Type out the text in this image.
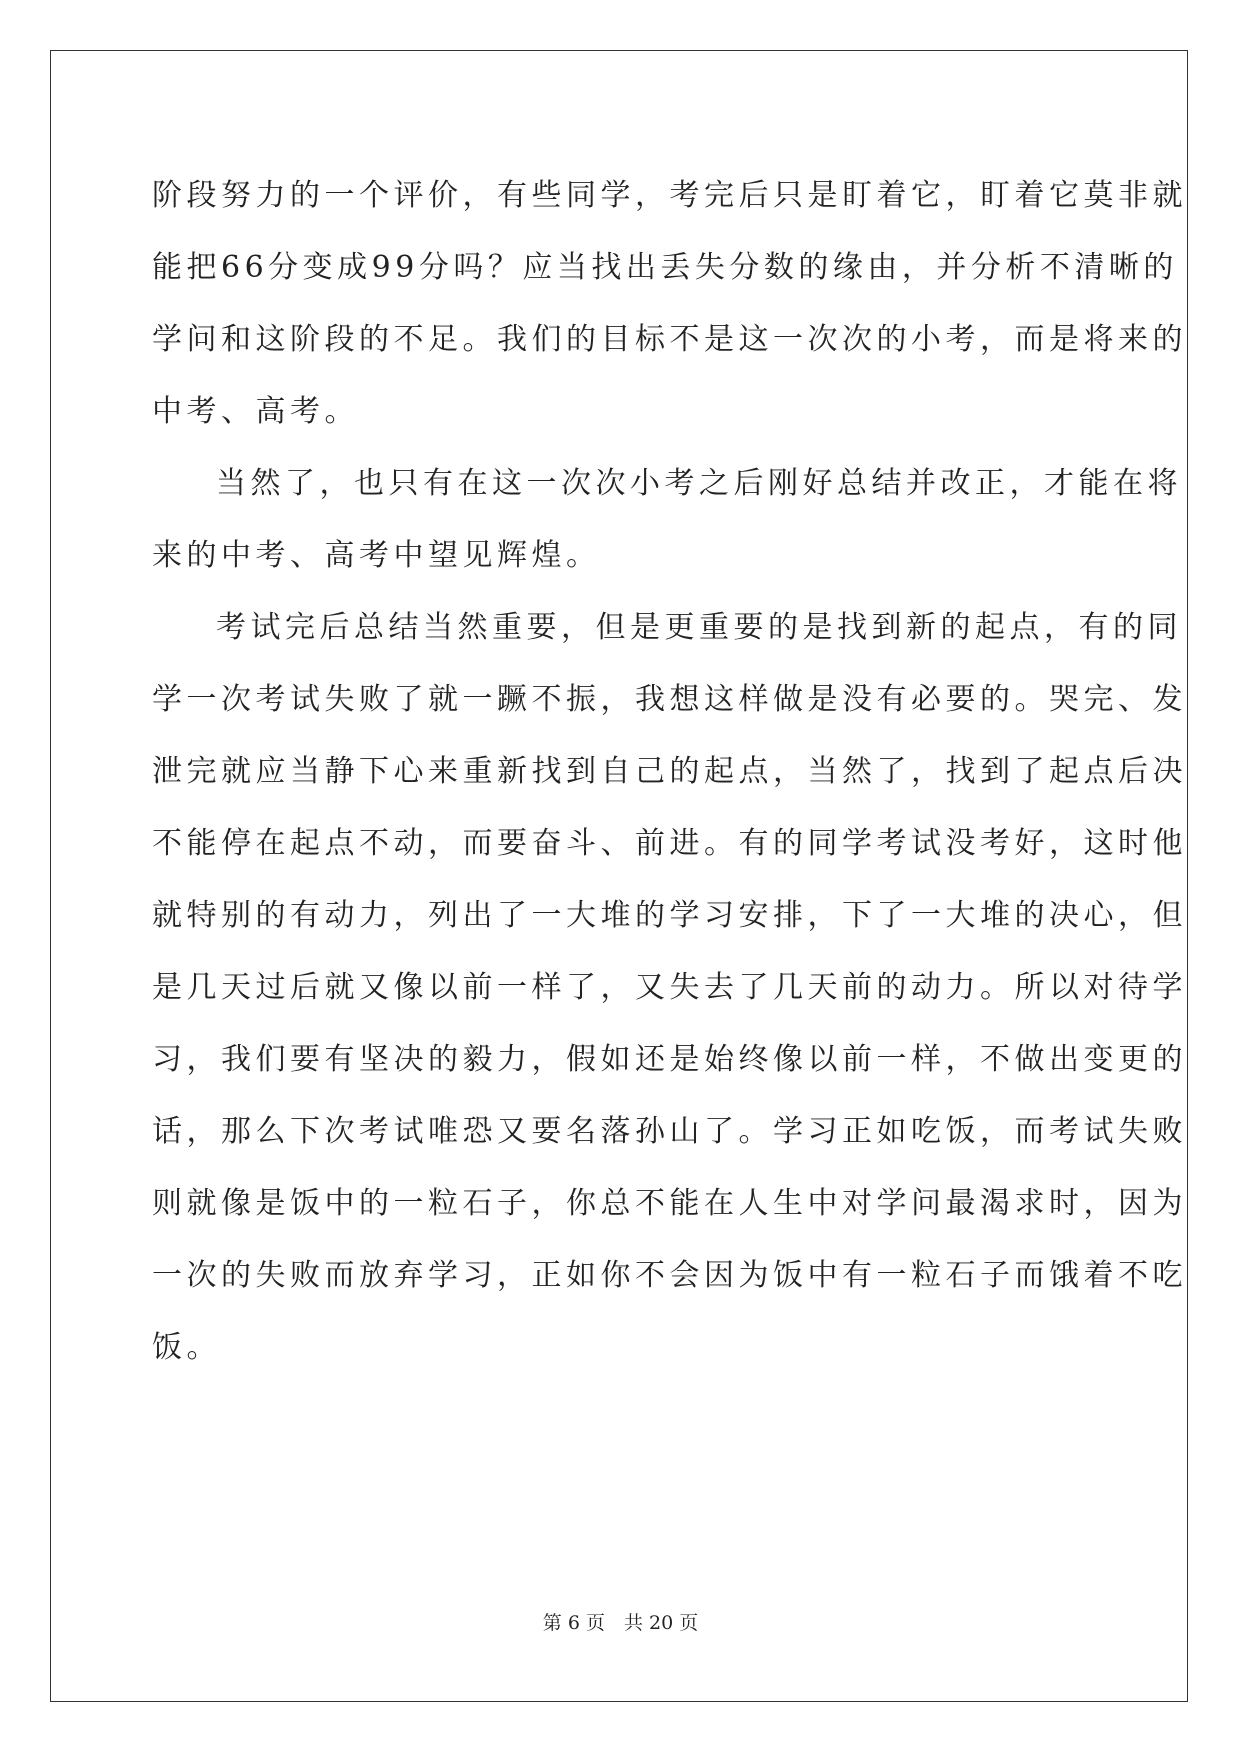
阶段努力的一个评价，有些同学，考完后只是盯着它，盯着它莫非就
能把66分变成99分吗？应当找出丢失分数的缘由，并分析不清晰的
学问和这阶段的不足。我们的目标不是这一次次的小考，而是将来的
中考、高考。
当然了，也只有在这一次次小考之后刚好总结并改正，才能在将
来的中考、高考中望见辉煌。
考试完后总结当然重要，但是更重要的是找到新的起点，有的同
学一次考试失败了就一蹶不振，我想这样做是没有必要的。哭完、发
泄完就应当静下心来重新找到自己的起点，当然了，找到了起点后决
不能停在起点不动，而要奋斗、前进。有的同学考试没考好，这时他
就特别的有动力，列出了一大堆的学习安排，下了一大堆的决心，但
是几天过后就又像以前一样了，又失去了几天前的动力。所以对待学
习，我们要有坚决的毅力，假如还是始终像以前一样，不做出变更的
话，那么下次考试唯恐又要名落孙山了。学习正如吃饭，而考试失败
则就像是饭中的一粒石子，你总不能在人生中对学问最渴求时，因为
一次的失败而放弃学习，正如你不会因为饭中有一粒石子而饿着不吃
饭。
第 6 页　共 20 页
